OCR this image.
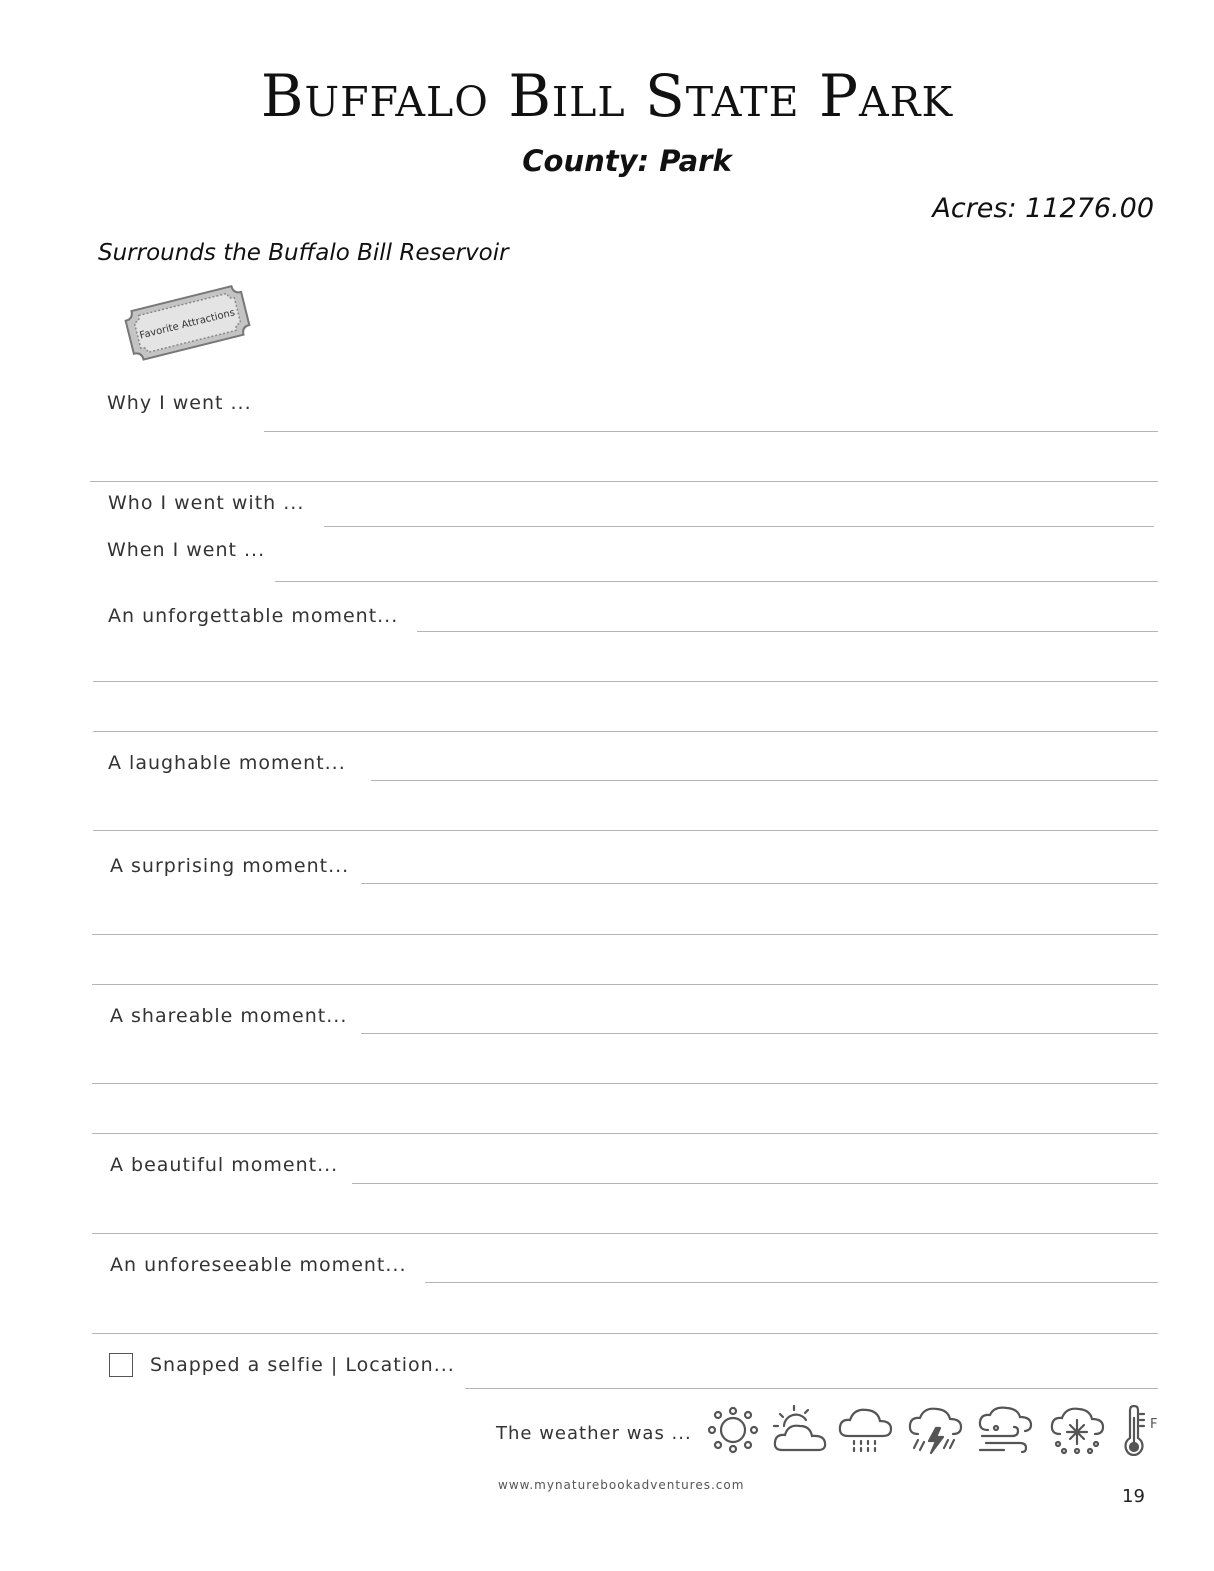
Buffalo Bill State Park
County: Park
Acres: 11276.00
Surrounds the Buffalo Bill Reservoir
Favorite Attractions
Why I went ...
Who I went with ...
When I went ...
An unforgettable moment...
A laughable moment...
A surprising moment...
A shareable moment...
A beautiful moment...
An unforeseeable moment...
Snapped a selfie | Location...
The weather was ...	F
www.mynaturebookadventures.com
19
